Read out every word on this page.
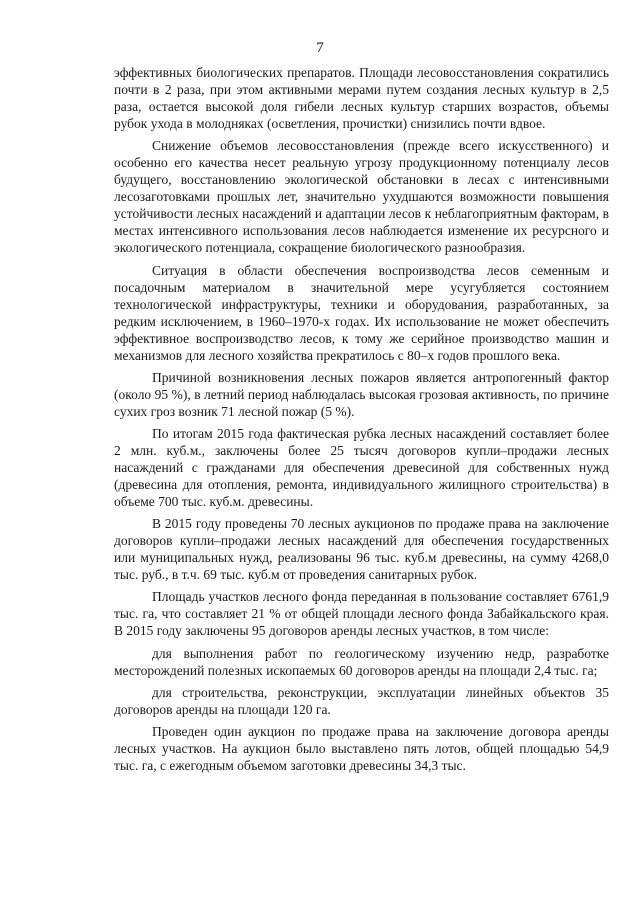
7

эффективных биологических препаратов. Площади лесовосстановления сократились почти в 2 раза, при этом активными мерами путем создания лесных культур в 2,5 раза, остается высокой доля гибели лесных культур старших возрастов, объемы рубок ухода в молодняках (осветления, прочистки) снизились почти вдвое.

Снижение объемов лесовосстановления (прежде всего искусственного) и особенно его качества несет реальную угрозу продукционному потенциалу лесов будущего, восстановлению экологической обстановки в лесах с интенсивными лесозаготовками прошлых лет, значительно ухудшаются возможности повышения устойчивости лесных насаждений и адаптации лесов к неблагоприятным факторам, в местах интенсивного использования лесов наблюдается изменение их ресурсного и экологического потенциала, сокращение биологического разнообразия.

Ситуация в области обеспечения воспроизводства лесов семенным и посадочным материалом в значительной мере усугубляется состоянием технологической инфраструктуры, техники и оборудования, разработанных, за редким исключением, в 1960–1970-х годах. Их использование не может обеспечить эффективное воспроизводство лесов, к тому же серийное производство машин и механизмов для лесного хозяйства прекратилось с 80–х годов прошлого века.

Причиной возникновения лесных пожаров является антропогенный фактор (около 95 %), в летний период наблюдалась высокая грозовая активность, по причине сухих гроз возник 71 лесной пожар (5 %).

По итогам 2015 года фактическая рубка лесных насаждений составляет более 2 млн. куб.м., заключены более 25 тысяч договоров купли–продажи лесных насаждений с гражданами для обеспечения древесиной для собственных нужд (древесина для отопления, ремонта, индивидуального жилищного строительства) в объеме 700 тыс. куб.м. древесины.

В 2015 году проведены 70 лесных аукционов по продаже права на заключение договоров купли–продажи лесных насаждений для обеспечения государственных или муниципальных нужд, реализованы 96 тыс. куб.м древесины, на сумму 4268,0 тыс. руб., в т.ч. 69 тыс. куб.м от проведения санитарных рубок.

Площадь участков лесного фонда переданная в пользование составляет 6761,9 тыс. га, что составляет 21 % от общей площади лесного фонда Забайкальского края. В 2015 году заключены 95 договоров аренды лесных участков, в том числе:

для выполнения работ по геологическому изучению недр, разработке месторождений полезных ископаемых 60 договоров аренды на площади 2,4 тыс. га;

для строительства, реконструкции, эксплуатации линейных объектов 35 договоров аренды на площади 120 га.

Проведен один аукцион по продаже права на заключение договора аренды лесных участков. На аукцион было выставлено пять лотов, общей площадью 54,9 тыс. га, с ежегодным объемом заготовки древесины 34,3 тыс.
